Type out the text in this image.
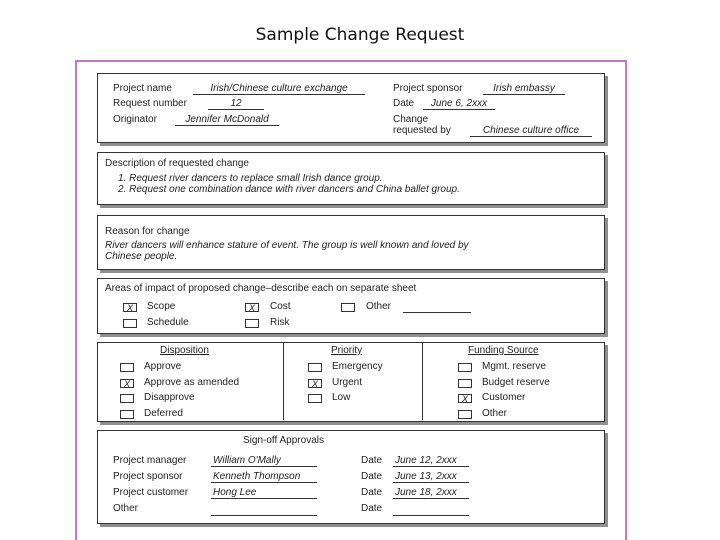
Sample Change Request
Project name	Irish/Chinese culture exchange
Request number	12
Originator	Jennifer McDonald
Project sponsor	Irish embassy
Date	June 6, 2xxx
Change
requested by	Chinese culture office
Description of requested change
1. Request river dancers to replace small Irish dance group.
2. Request one combination dance with river dancers and China ballet group.
Reason for change
River dancers will enhance stature of event. The group is well known and loved by
Chinese people.
Areas of impact of proposed change–describe each on separate sheet
X	Scope	X	Cost	Other
Schedule	Risk
Disposition
Approve
X	Approve as amended
Disapprove
Deferred
Priority
Emergency
X	Urgent
Low
Funding Source
Mgmt. reserve
Budget reserve
X	Customer
Other
Sign-off Approvals
Project manager	William O'Mally	Date June 12, 2xxx
Project sponsor	Kenneth Thompson	Date June 13, 2xxx
Project customer Hong Lee	Date June 18, 2xxx
Other	Date
